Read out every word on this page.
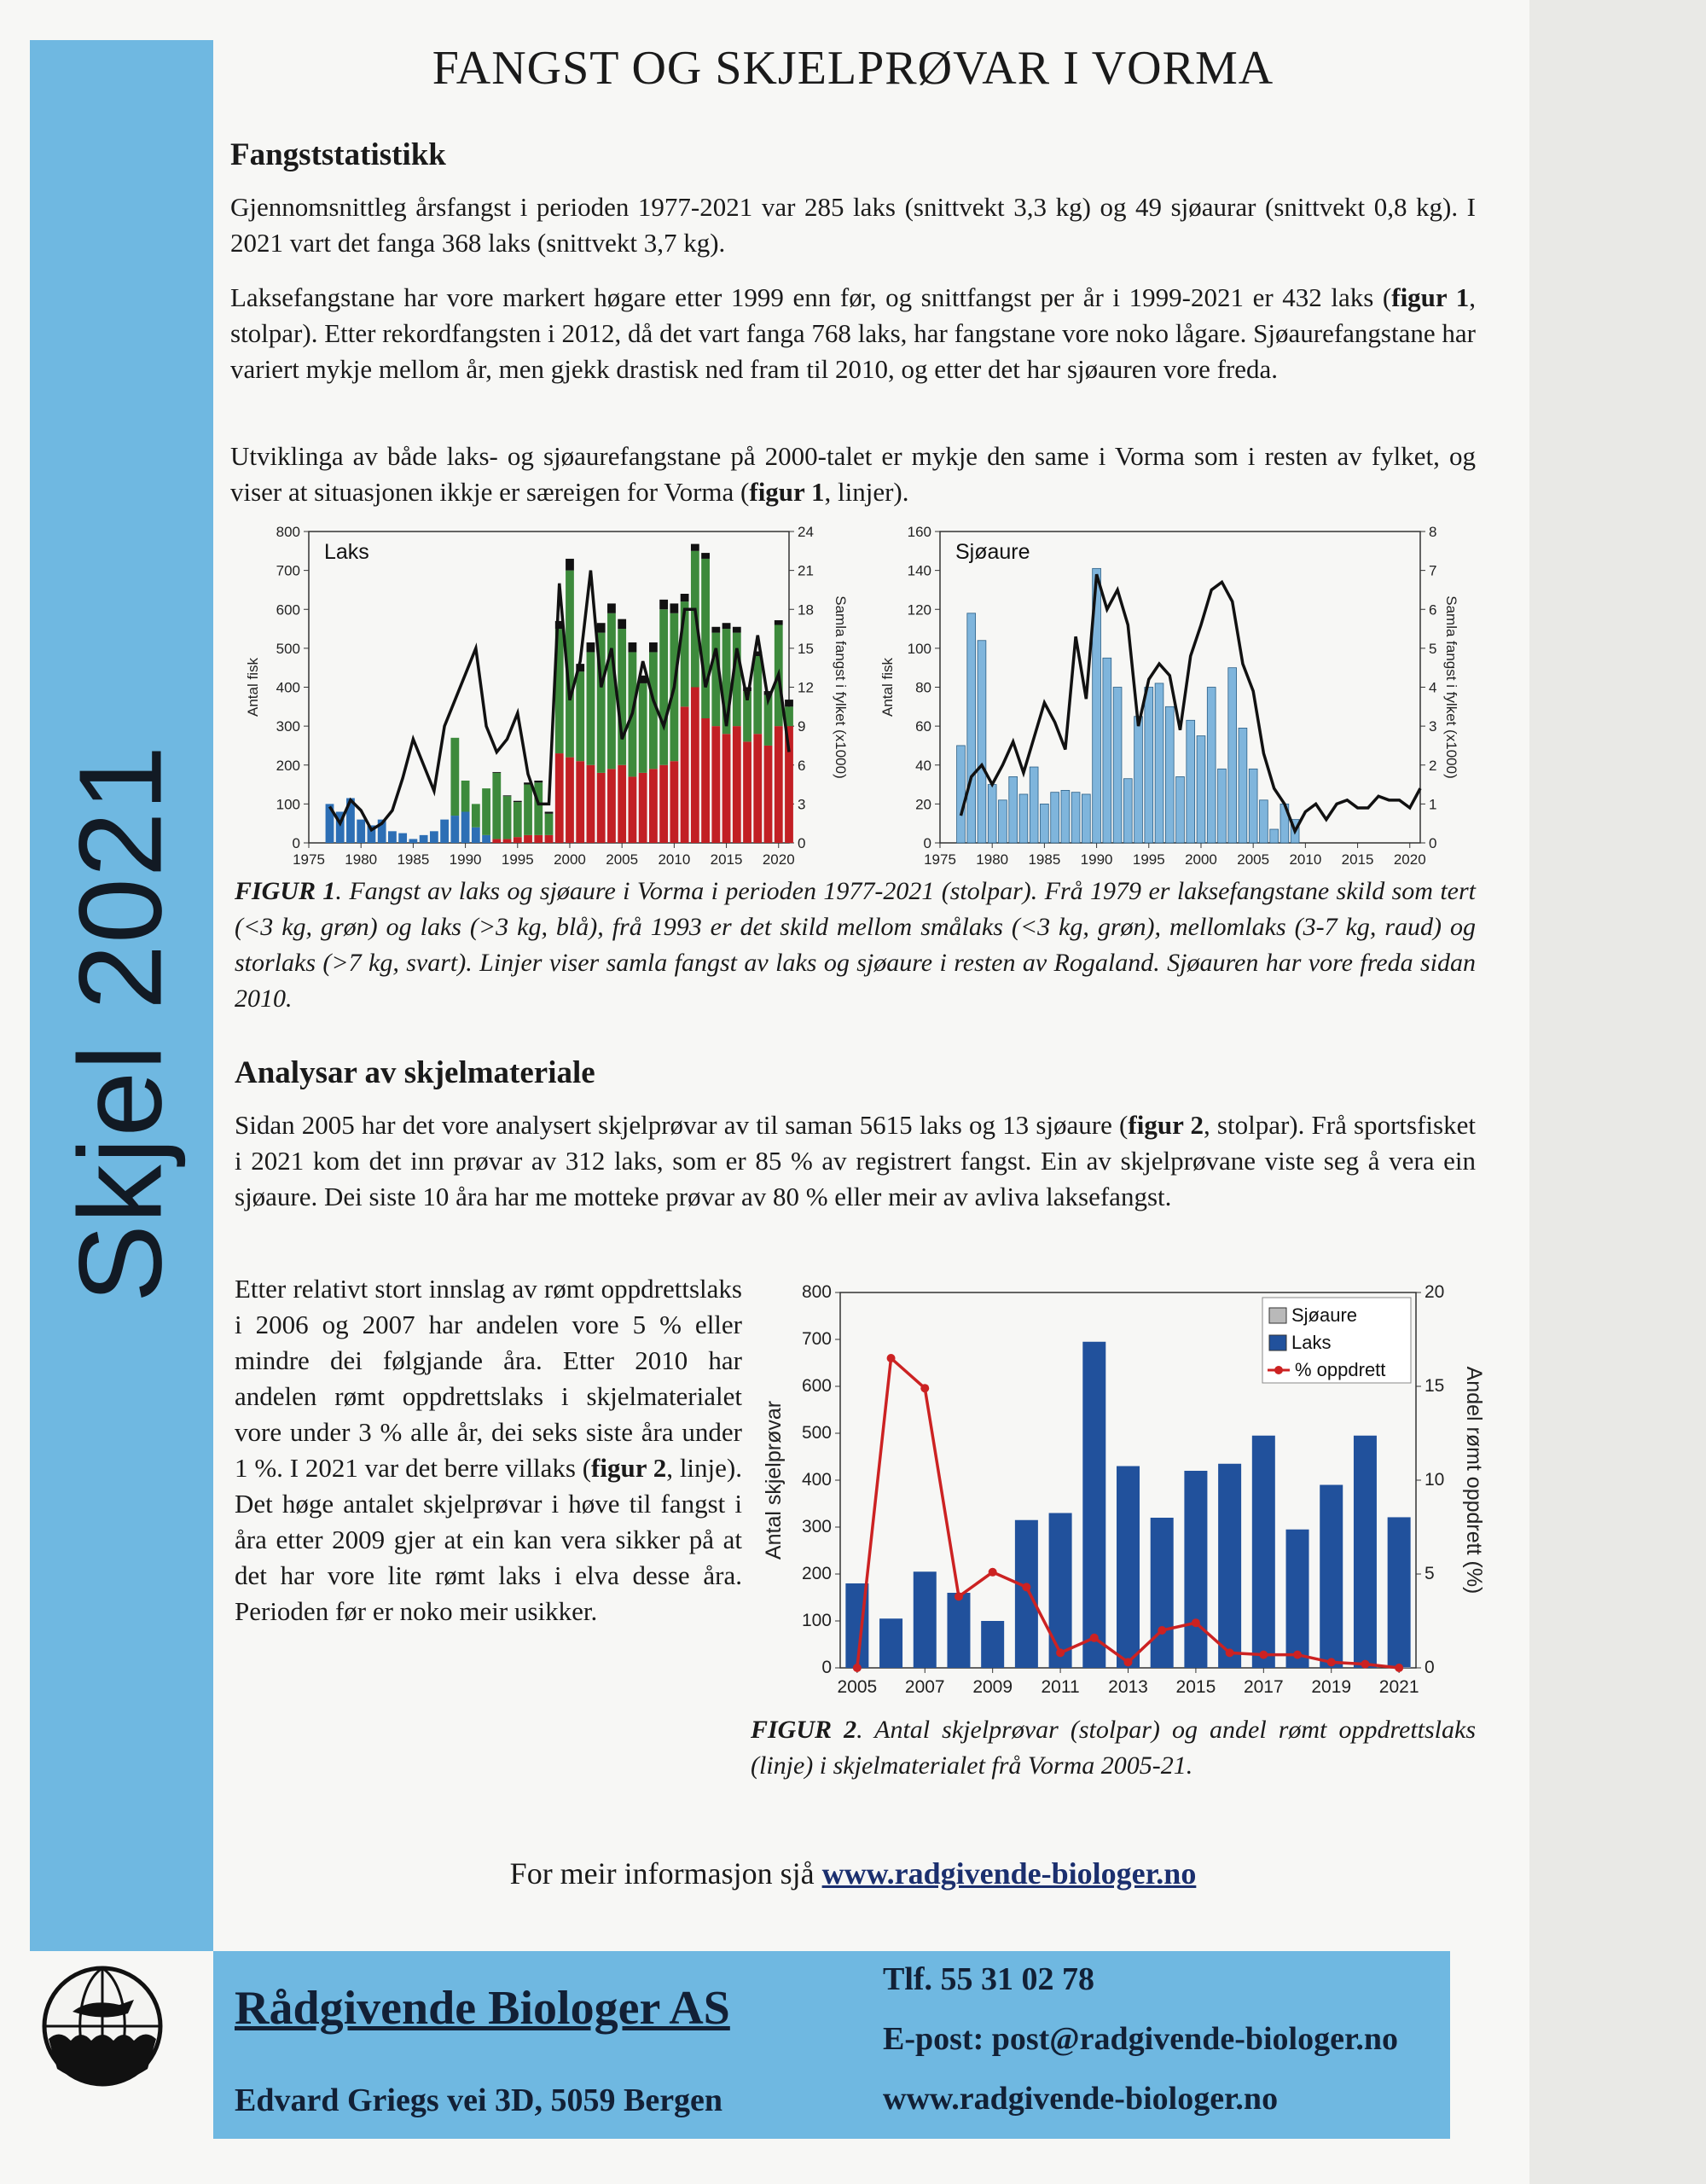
Skjel 2021
FANGST OG SKJELPRØVAR I VORMA
Fangststatistikk

Gjennomsnittleg årsfangst i perioden 1977-2021 var 285 laks (snittvekt 3,3 kg) og 49 sjøaurar (snittvekt 0,8 kg). I 2021 vart det fanga 368 laks (snittvekt 3,7 kg).

Laksefangstane har vore markert høgare etter 1999 enn før, og snittfangst per år i 1999-2021 er 432 laks (figur 1, stolpar). Etter rekordfangsten i 2012, då det vart fanga 768 laks, har fangstane vore noko lågare. Sjøaurefangstane har variert mykje mellom år, men gjekk drastisk ned fram til 2010, og etter det har sjøauren vore freda.

Utviklinga av både laks- og sjøaurefangstane på 2000-talet er mykje den same i Vorma som i resten av fylket, og viser at situasjonen ikkje er særeigen for Vorma (figur 1, linjer).

0
100
200
300
400
500
600
700
800
0
3
6
9
12
15
18
21
24
1975 1980 1985 1990 1995 2000 2005 2010 2015 2020
Antal fisk	Samla fangst i fylket (x1000)
Laks
0
20
40
60
80
100
120
140
160
0
1
2
3
4
5
6
7
8
1975 1980 1985 1990 1995 2000 2005 2010 2015 2020
Antal fisk	Samla fangst i fylket (x1000)
Sjøaure

FIGUR 1. Fangst av laks og sjøaure i Vorma i perioden 1977-2021 (stolpar). Frå 1979 er laksefangstane skild som tert (<3 kg, grøn) og laks (>3 kg, blå), frå 1993 er det skild mellom smålaks (<3 kg, grøn), mellomlaks (3-7 kg, raud) og storlaks (>7 kg, svart). Linjer viser samla fangst av laks og sjøaure i resten av Rogaland. Sjøauren har vore freda sidan 2010.

Analysar av skjelmateriale

Sidan 2005 har det vore analysert skjelprøvar av til saman 5615 laks og 13 sjøaure (figur 2, stolpar). Frå sportsfisket i 2021 kom det inn prøvar av 312 laks, som er 85 % av registrert fangst. Ein av skjelprøvane viste seg å vera ein sjøaure. Dei siste 10 åra har me motteke prøvar av 80 % eller meir av avliva laksefangst.

Etter relativt stort innslag av rømt oppdrettslaks i 2006 og 2007 har andelen vore 5 % eller mindre dei følgjande åra. Etter 2010 har andelen rømt oppdrettslaks i skjelmaterialet vore under 3 % alle år, dei seks siste åra under 1 %. I 2021 var det berre villaks (figur 2, linje). Det høge antalet skjelprøvar i høve til fangst i åra etter 2009 gjer at ein kan vera sikker på at det har vore lite rømt laks i elva desse åra. Perioden før er noko meir usikker.

0
100
200
300
400
500
600
700
800
0
5
10
15
20
2005 2007 2009 2011 2013 2015 2017 2019 2021
Antal skjelprøvar	Andel rømt oppdrett (%)
Sjøaure
Laks
% oppdrett

FIGUR 2. Antal skjelprøvar (stolpar) og andel rømt oppdrettslaks (linje) i skjelmaterialet frå Vorma 2005-21.

For meir informasjon sjå www.radgivende-biologer.no
Rådgivende Biologer AS
Edvard Griegs vei 3D, 5059 Bergen
Tlf. 55 31 02 78
E-post: post@radgivende-biologer.no
www.radgivende-biologer.no
